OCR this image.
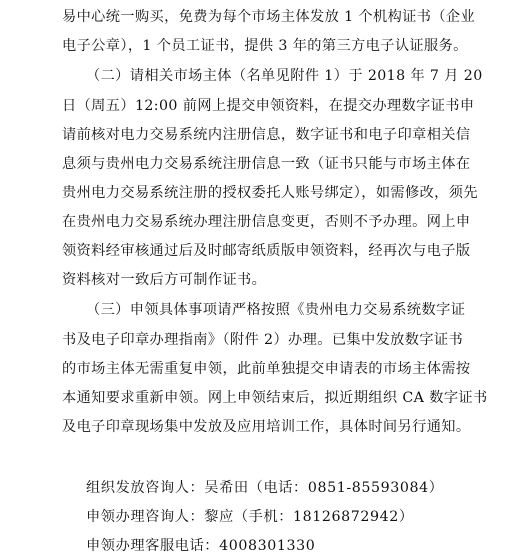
易中心统一购买，免费为每个市场主体发放 1 个机构证书（企业
电子公章），1 个员工证书，提供 3 年的第三方电子认证服务。
（二）请相关市场主体（名单见附件 1）于 2018 年 7 月 20
日（周五）12:00 前网上提交申领资料，在提交办理数字证书申
请前核对电力交易系统内注册信息，数字证书和电子印章相关信
息须与贵州电力交易系统注册信息一致（证书只能与市场主体在
贵州电力交易系统注册的授权委托人账号绑定），如需修改，须先
在贵州电力交易系统办理注册信息变更，否则不予办理。网上申
领资料经审核通过后及时邮寄纸质版申领资料，经再次与电子版
资料核对一致后方可制作证书。
（三）申领具体事项请严格按照《贵州电力交易系统数字证
书及电子印章办理指南》（附件 2）办理。已集中发放数字证书
的市场主体无需重复申领，此前单独提交申请表的市场主体需按
本通知要求重新申领。网上申领结束后，拟近期组织 CA 数字证书
及电子印章现场集中发放及应用培训工作，具体时间另行通知。
组织发放咨询人：吴希田（电话：0851-85593084）
申领办理咨询人：黎应（手机：18126872942）
申领办理客服电话：4008301330
